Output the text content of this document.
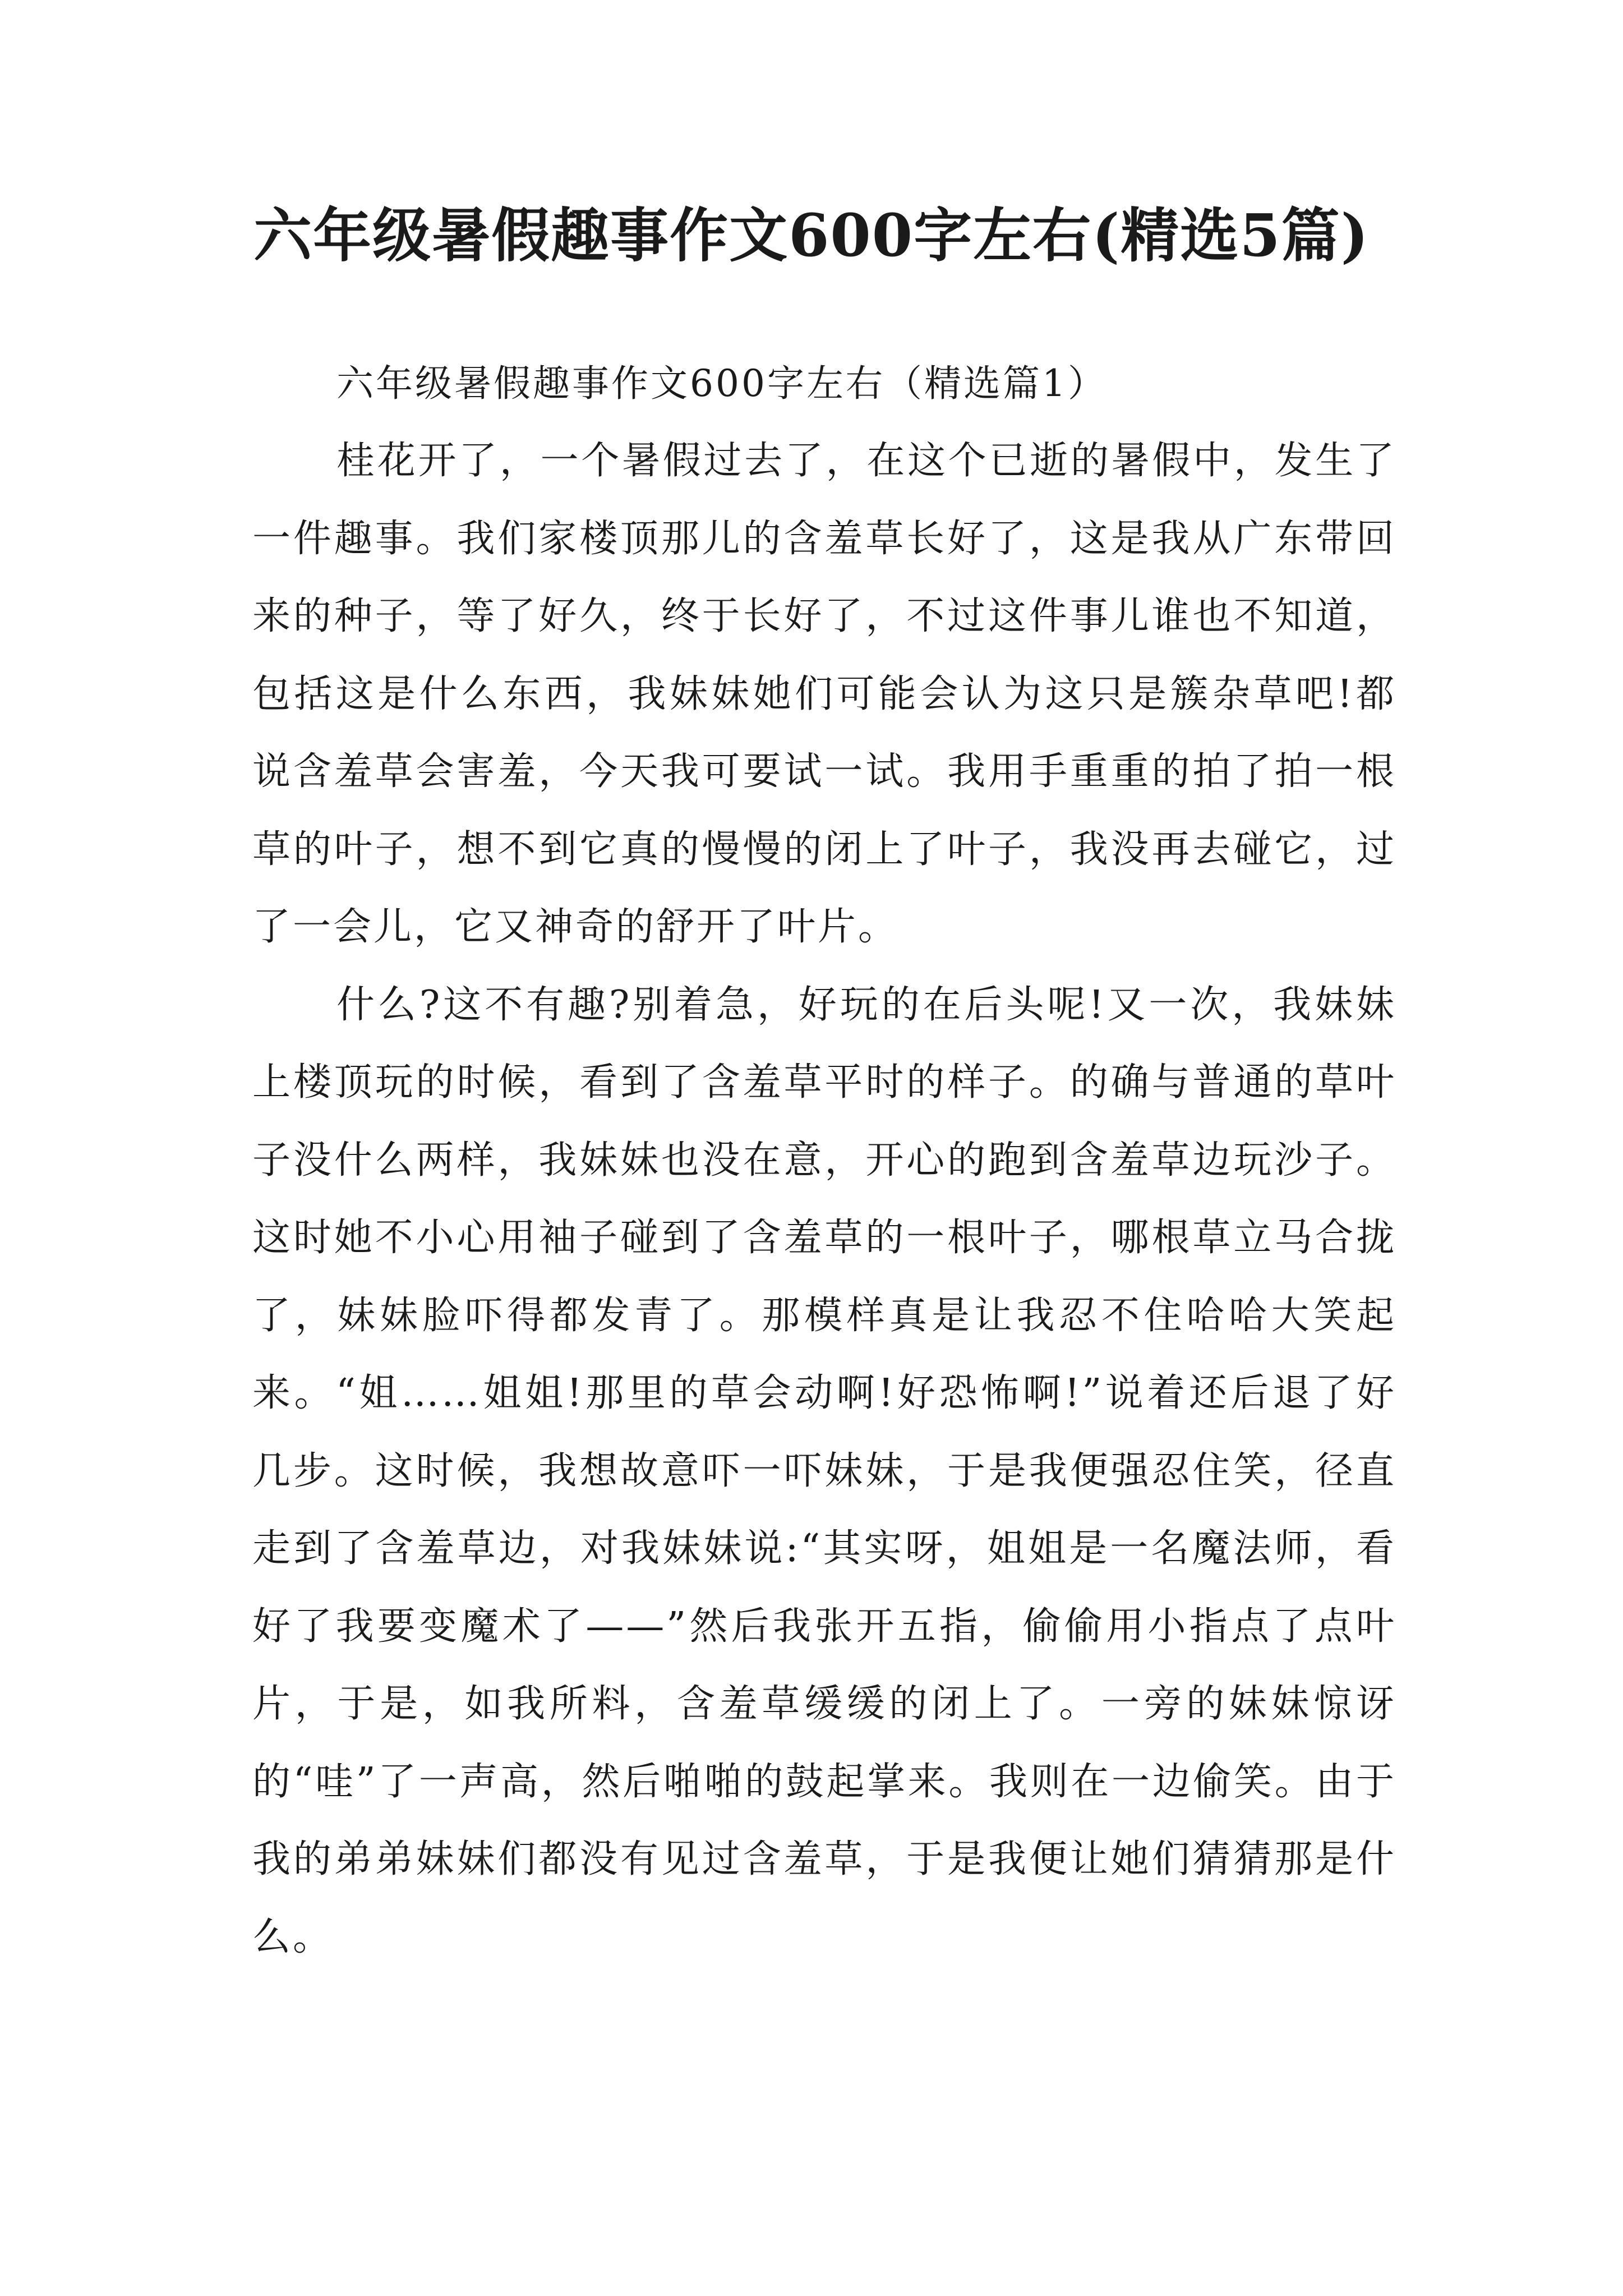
六年级暑假趣事作文600字左右(精选5篇)

六年级暑假趣事作文600字左右（精选篇1）

桂花开了，一个暑假过去了，在这个已逝的暑假中，发生了一件趣事。我们家楼顶那儿的含羞草长好了，这是我从广东带回来的种子，等了好久，终于长好了，不过这件事儿谁也不知道，包括这是什么东西，我妹妹她们可能会认为这只是簇杂草吧!都说含羞草会害羞，今天我可要试一试。我用手重重的拍了拍一根草的叶子，想不到它真的慢慢的闭上了叶子，我没再去碰它，过了一会儿，它又神奇的舒开了叶片。

什么?这不有趣?别着急，好玩的在后头呢!又一次，我妹妹上楼顶玩的时候，看到了含羞草平时的样子。的确与普通的草叶子没什么两样，我妹妹也没在意，开心的跑到含羞草边玩沙子。这时她不小心用袖子碰到了含羞草的一根叶子，哪根草立马合拢了，妹妹脸吓得都发青了。那模样真是让我忍不住哈哈大笑起来。“姐……姐姐!那里的草会动啊!好恐怖啊!”说着还后退了好几步。这时候，我想故意吓一吓妹妹，于是我便强忍住笑，径直走到了含羞草边，对我妹妹说:“其实呀，姐姐是一名魔法师，看好了我要变魔术了——”然后我张开五指，偷偷用小指点了点叶片，于是，如我所料，含羞草缓缓的闭上了。一旁的妹妹惊讶的“哇”了一声高，然后啪啪的鼓起掌来。我则在一边偷笑。由于我的弟弟妹妹们都没有见过含羞草，于是我便让她们猜猜那是什么。
